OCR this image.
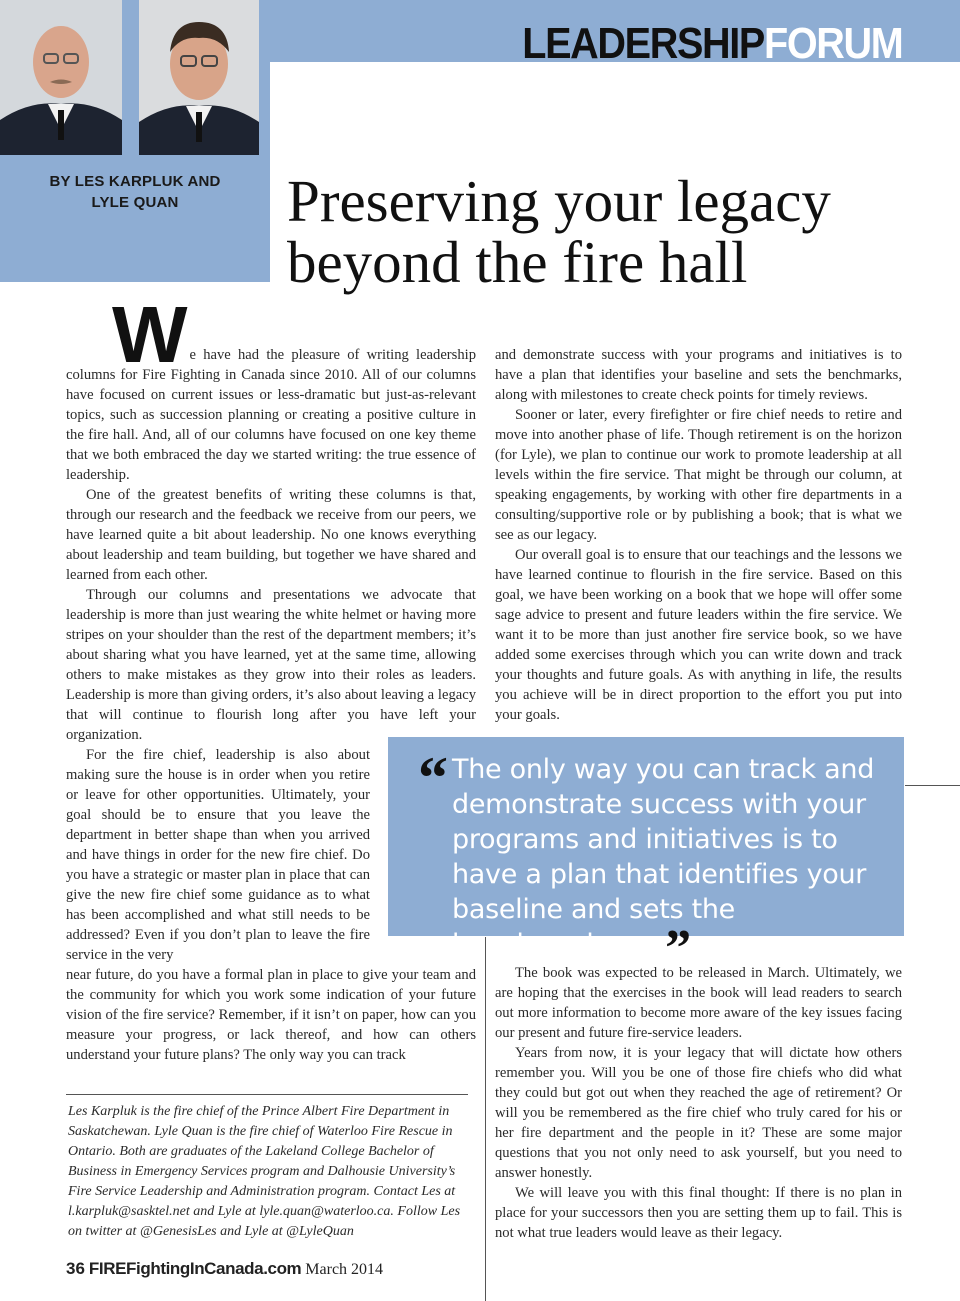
BY LES KARPLUK AND
LYLE QUAN
LEADERSHIPFORUM
Preserving your legacy
beyond the fire hall

We have had the pleasure of writing leadership columns for Fire Fighting in Canada since 2010. All of our columns have focused on current issues or less-dramatic but just-as-relevant topics, such as succession planning or creating a positive culture in the fire hall. And, all of our columns have focused on one key theme that we both embraced the day we started writing: the true essence of leadership.

One of the greatest benefits of writing these columns is that, through our research and the feedback we receive from our peers, we have learned quite a bit about leadership. No one knows everything about leadership and team building, but together we have shared and learned from each other.

Through our columns and presentations we advocate that leadership is more than just wearing the white helmet or having more stripes on your shoulder than the rest of the department members; it’s about sharing what you have learned, yet at the same time, allowing others to make mistakes as they grow into their roles as leaders. Leadership is more than giving orders, it’s also about leaving a legacy that will continue to flourish long after you have left your organization.

For the fire chief, leadership is also about making sure the house is in order when you retire or leave for other opportunities. Ultimately, your goal should be to ensure that you leave the department in better shape than when you arrived and have things in order for the new fire chief. Do you have a strategic or master plan in place that can give the new fire chief some guidance as to what has been accomplished and what still needs to be addressed? Even if you don’t plan to leave the fire service in the very

near future, do you have a formal plan in place to give your team and the community for which you work some indication of your future vision of the fire service? Remember, if it isn’t on paper, how can you measure your progress, or lack thereof, and how can others understand your future plans? The only way you can track

and demonstrate success with your programs and initiatives is to have a plan that identifies your baseline and sets the benchmarks, along with milestones to create check points for timely reviews.

Sooner or later, every firefighter or fire chief needs to retire and move into another phase of life. Though retirement is on the horizon (for Lyle), we plan to continue our work to promote leadership at all levels within the fire service. That might be through our column, at speaking engagements, by working with other fire departments in a consulting/supportive role or by publishing a book; that is what we see as our legacy.

Our overall goal is to ensure that our teachings and the lessons we have learned continue to flourish in the fire service. Based on this goal, we have been working on a book that we hope will offer some sage advice to present and future leaders within the fire service. We want it to be more than just another fire service book, so we have added some exercises through which you can write down and track your thoughts and future goals. As with anything in life, the results you achieve will be in direct proportion to the effort you put into your goals.

“ The only way you can track and demonstrate success with your programs and initiatives is to have a plan that identifies your baseline and sets the benchmarks . . .”

The book was expected to be released in March. Ultimately, we are hoping that the exercises in the book will lead readers to search out more information to become more aware of the key issues facing our present and future fire-service leaders.

Years from now, it is your legacy that will dictate how others remember you. Will you be one of those fire chiefs who did what they could but got out when they reached the age of retirement? Or will you be remembered as the fire chief who truly cared for his or her fire department and the people in it? These are some major questions that you not only need to ask yourself, but you need to answer honestly.

We will leave you with this final thought: If there is no plan in place for your successors then you are setting them up to fail. This is not what true leaders would leave as their legacy.

Les Karpluk is the fire chief of the Prince Albert Fire Department in Saskatchewan. Lyle Quan is the fire chief of Waterloo Fire Rescue in Ontario. Both are graduates of the Lakeland College Bachelor of Business in Emergency Services program and Dalhousie University’s Fire Service Leadership and Administration program. Contact Les at l.karpluk@sasktel.net and Lyle at lyle.quan@waterloo.ca. Follow Les on twitter at @GenesisLes and Lyle at @LyleQuan
36 FIREFightingInCanada.com March 2014
